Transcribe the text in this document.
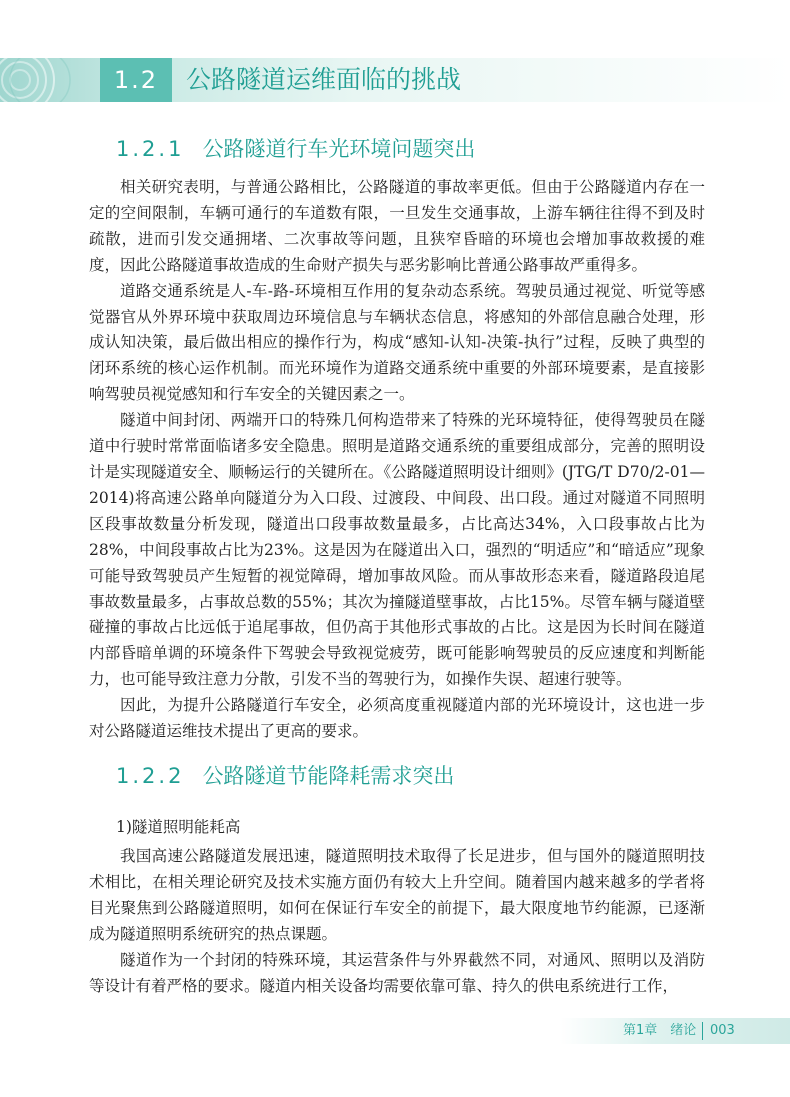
1.2	公路隧道运维面临的挑战
1.2.1 公路隧道行车光环境问题突出

相关研究表明，与普通公路相比，公路隧道的事故率更低。但由于公路隧道内存在一定的空间限制，车辆可通行的车道数有限，一旦发生交通事故，上游车辆往往得不到及时疏散，进而引发交通拥堵、二次事故等问题，且狭窄昏暗的环境也会增加事故救援的难度，因此公路隧道事故造成的生命财产损失与恶劣影响比普通公路事故严重得多。

道路交通系统是人-车-路-环境相互作用的复杂动态系统。驾驶员通过视觉、听觉等感觉器官从外界环境中获取周边环境信息与车辆状态信息，将感知的外部信息融合处理，形成认知决策，最后做出相应的操作行为，构成“感知-认知-决策-执行”过程，反映了典型的闭环系统的核心运作机制。而光环境作为道路交通系统中重要的外部环境要素，是直接影响驾驶员视觉感知和行车安全的关键因素之一。

隧道中间封闭、两端开口的特殊几何构造带来了特殊的光环境特征，使得驾驶员在隧道中行驶时常常面临诸多安全隐患。照明是道路交通系统的重要组成部分，完善的照明设计是实现隧道安全、顺畅运行的关键所在。《公路隧道照明设计细则》(JTG/T D70/2-01—2014)将高速公路单向隧道分为入口段、过渡段、中间段、出口段。通过对隧道不同照明区段事故数量分析发现，隧道出口段事故数量最多，占比高达34%，入口段事故占比为28%，中间段事故占比为23%。这是因为在隧道出入口，强烈的“明适应”和“暗适应”现象可能导致驾驶员产生短暂的视觉障碍，增加事故风险。而从事故形态来看，隧道路段追尾事故数量最多，占事故总数的55%；其次为撞隧道壁事故，占比15%。尽管车辆与隧道壁碰撞的事故占比远低于追尾事故，但仍高于其他形式事故的占比。这是因为长时间在隧道内部昏暗单调的环境条件下驾驶会导致视觉疲劳，既可能影响驾驶员的反应速度和判断能力，也可能导致注意力分散，引发不当的驾驶行为，如操作失误、超速行驶等。

因此，为提升公路隧道行车安全，必须高度重视隧道内部的光环境设计，这也进一步对公路隧道运维技术提出了更高的要求。

1.2.2 公路隧道节能降耗需求突出
1)隧道照明能耗高

我国高速公路隧道发展迅速，隧道照明技术取得了长足进步，但与国外的隧道照明技术相比，在相关理论研究及技术实施方面仍有较大上升空间。随着国内越来越多的学者将目光聚焦到公路隧道照明，如何在保证行车安全的前提下，最大限度地节约能源，已逐渐成为隧道照明系统研究的热点课题。

隧道作为一个封闭的特殊环境，其运营条件与外界截然不同，对通风、照明以及消防等设计有着严格的要求。隧道内相关设备均需要依靠可靠、持久的供电系统进行工作，

第1章　绪论 003
